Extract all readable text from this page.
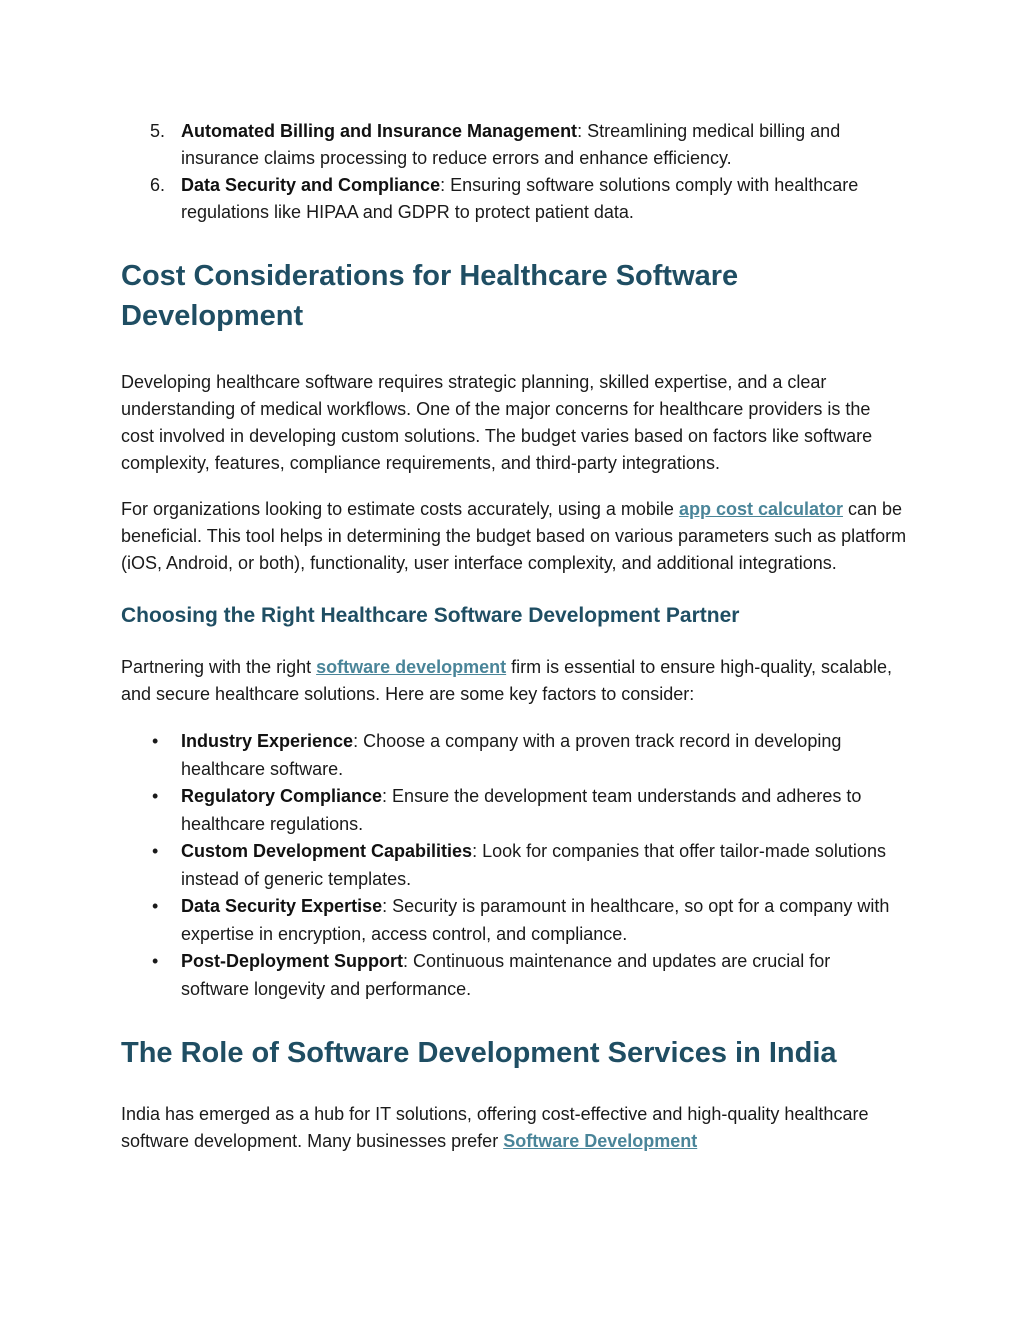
5. Automated Billing and Insurance Management: Streamlining medical billing and insurance claims processing to reduce errors and enhance efficiency.
6. Data Security and Compliance: Ensuring software solutions comply with healthcare regulations like HIPAA and GDPR to protect patient data.
Cost Considerations for Healthcare Software Development

Developing healthcare software requires strategic planning, skilled expertise, and a clear understanding of medical workflows. One of the major concerns for healthcare providers is the cost involved in developing custom solutions. The budget varies based on factors like software complexity, features, compliance requirements, and third-party integrations.

For organizations looking to estimate costs accurately, using a mobile app cost calculator can be beneficial. This tool helps in determining the budget based on various parameters such as platform (iOS, Android, or both), functionality, user interface complexity, and additional integrations.

Choosing the Right Healthcare Software Development Partner

Partnering with the right software development firm is essential to ensure high-quality, scalable, and secure healthcare solutions. Here are some key factors to consider:

• Industry Experience: Choose a company with a proven track record in developing healthcare software.
• Regulatory Compliance: Ensure the development team understands and adheres to healthcare regulations.
• Custom Development Capabilities: Look for companies that offer tailor-made solutions instead of generic templates.
• Data Security Expertise: Security is paramount in healthcare, so opt for a company with expertise in encryption, access control, and compliance.
• Post-Deployment Support: Continuous maintenance and updates are crucial for software longevity and performance.
The Role of Software Development Services in India

India has emerged as a hub for IT solutions, offering cost-effective and high-quality healthcare software development. Many businesses prefer Software Development
